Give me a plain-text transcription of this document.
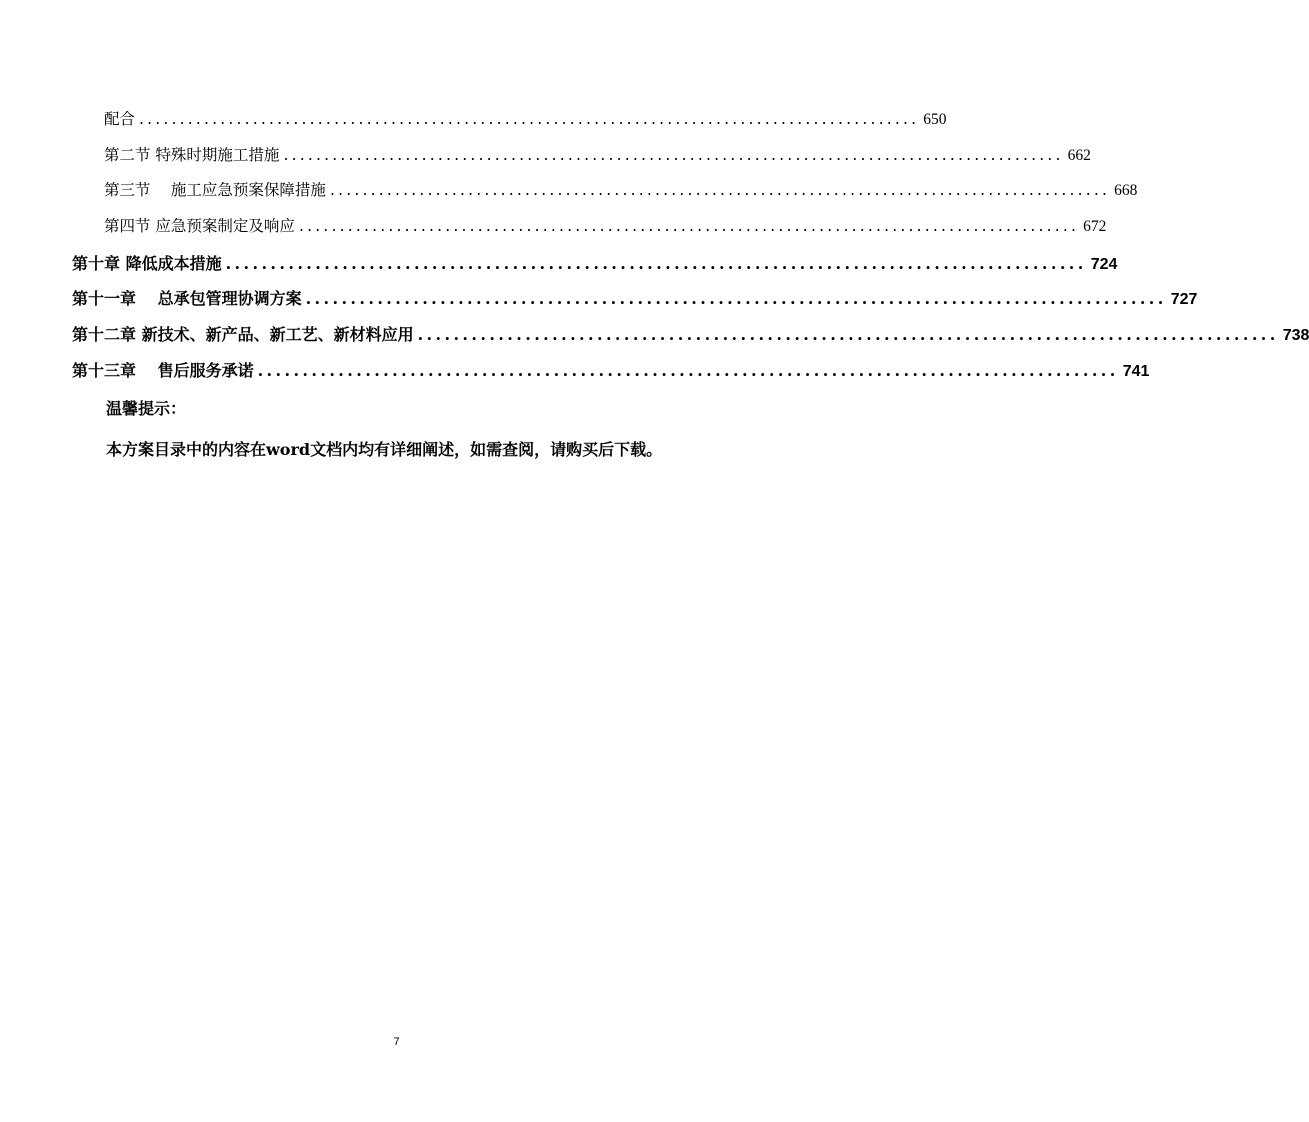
配合 ................................................................................................ 650
第二节 特殊时期施工措施 ................................................................................................ 662
第三节　 施工应急预案保障措施 ................................................................................................ 668
第四节 应急预案制定及响应 ................................................................................................ 672
第十章 降低成本措施 ................................................................................................ 724
第十一章　 总承包管理协调方案 ................................................................................................ 727
第十二章 新技术、新产品、新工艺、新材料应用 ................................................................................................ 738
第十三章　 售后服务承诺 ................................................................................................ 741
温馨提示：
本方案目录中的内容在word文档内均有详细阐述，如需查阅，请购买后下载。
7
